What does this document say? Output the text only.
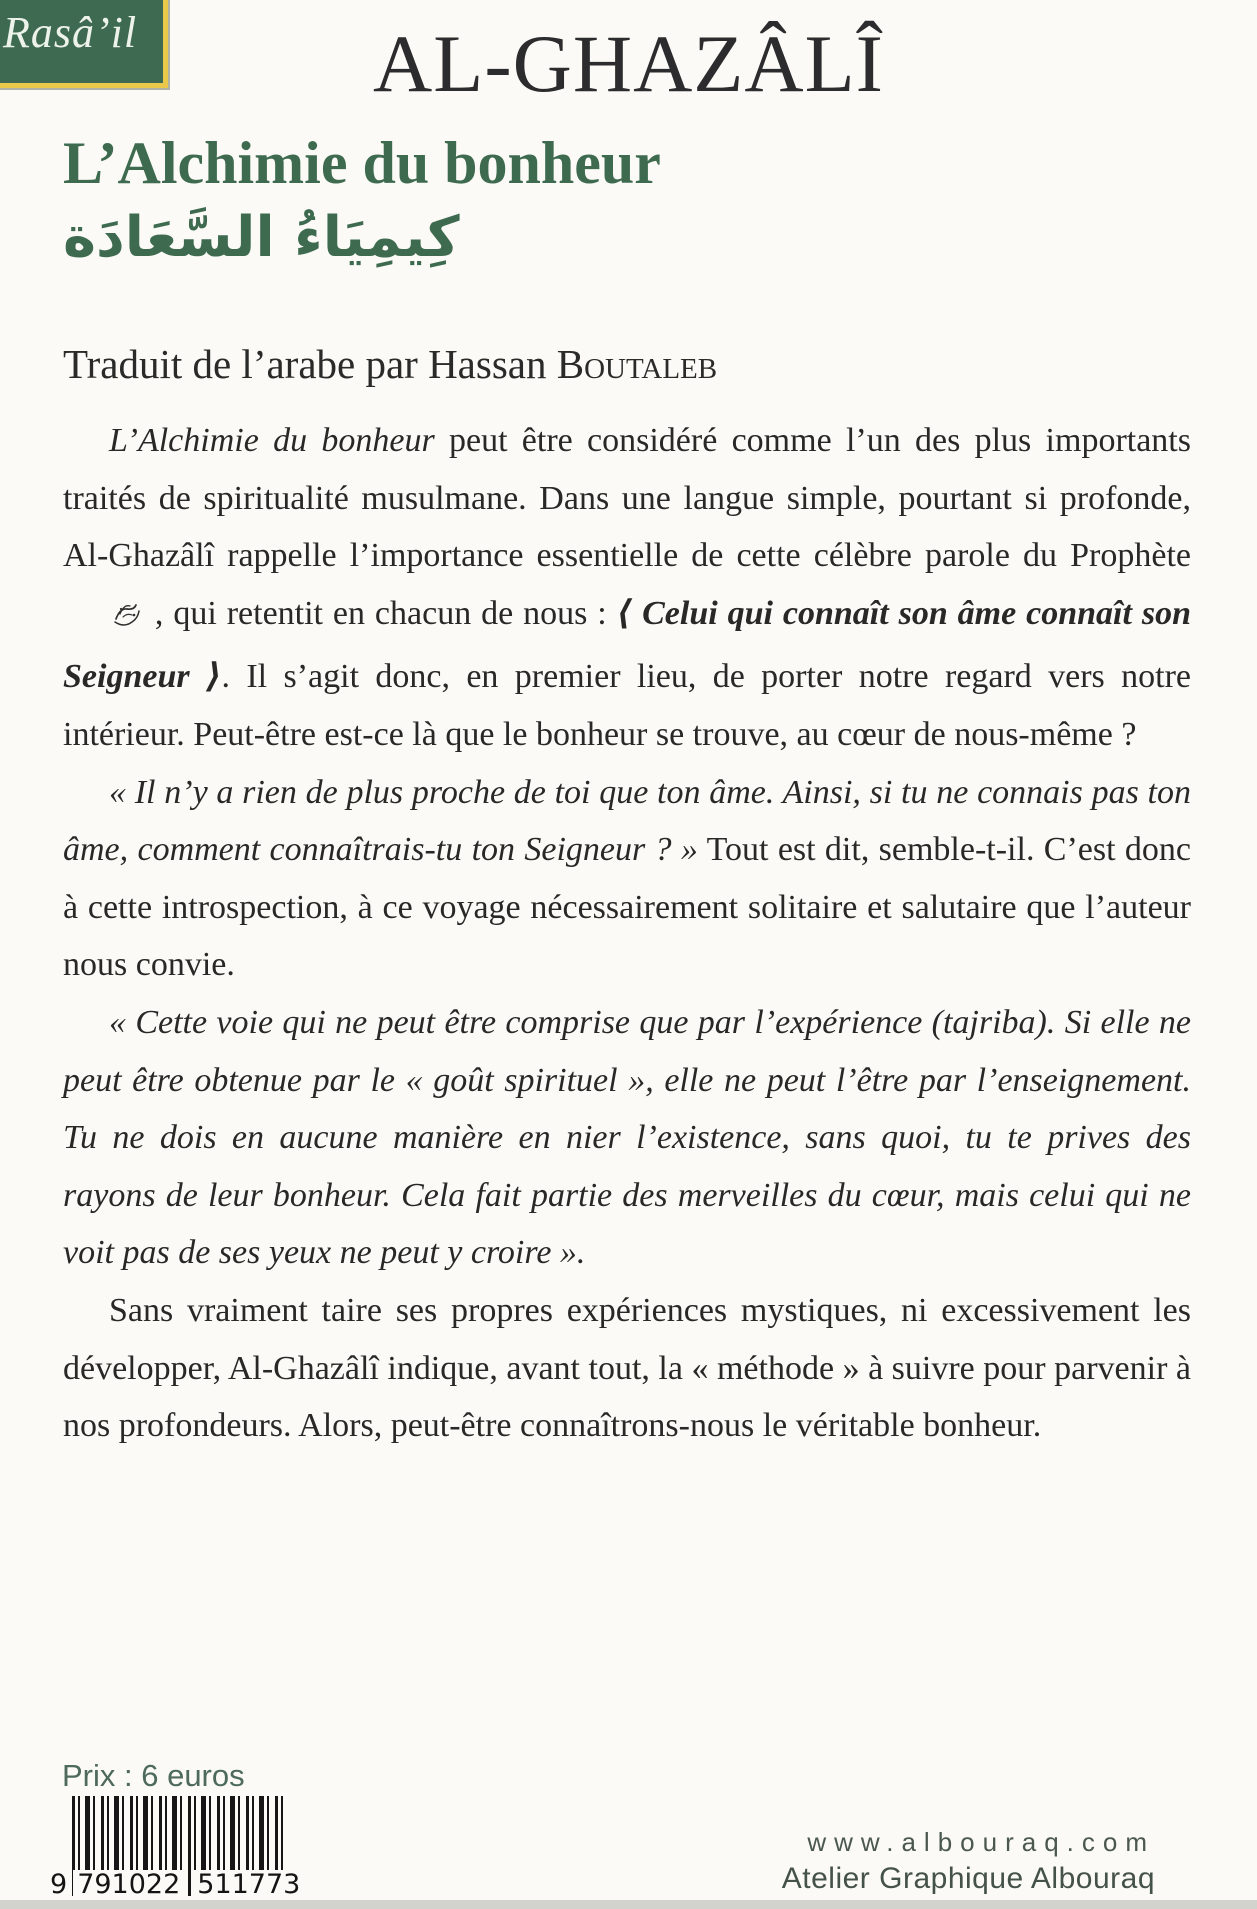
Rasâ’il	AL-GHAZÂLÎ
L’Alchimie du bonheur
كِيمِيَاءُ السَّعَادَة
Traduit de l’arabe par Hassan Boutaleb

L’Alchimie du bonheur peut être considéré comme l’un des plus importants traités de spiritualité musulmane. Dans une langue simple, pourtant si profonde, Al-Ghazâlî rappelle l’importance essentielle de cette célèbre parole du Prophète  , qui retentit en chacun de nous : ⟨ Celui qui connaît son âme connaît son Seigneur ⟩. Il s’agit donc, en premier lieu, de porter notre regard vers notre intérieur. Peut-être est-ce là que le bonheur se trouve, au cœur de nous-même ?

« Il n’y a rien de plus proche de toi que ton âme. Ainsi, si tu ne connais pas ton âme, comment connaîtrais-tu ton Seigneur ? » Tout est dit, semble-t-il. C’est donc à cette introspection, à ce voyage nécessairement solitaire et salutaire que l’auteur nous convie.

« Cette voie qui ne peut être comprise que par l’expérience (tajriba). Si elle ne peut être obtenue par le « goût spirituel », elle ne peut l’être par l’enseignement. Tu ne dois en aucune manière en nier l’existence, sans quoi, tu te prives des rayons de leur bonheur. Cela fait partie des merveilles du cœur, mais celui qui ne voit pas de ses yeux ne peut y croire ».

Sans vraiment taire ses propres expériences mystiques, ni excessivement les développer, Al-Ghazâlî indique, avant tout, la « méthode » à suivre pour parvenir à nos profondeurs. Alors, peut-être connaîtrons-nous le véritable bonheur.

Prix : 6 euros
9 791022 511773
www.albouraq.com
Atelier Graphique Albouraq
